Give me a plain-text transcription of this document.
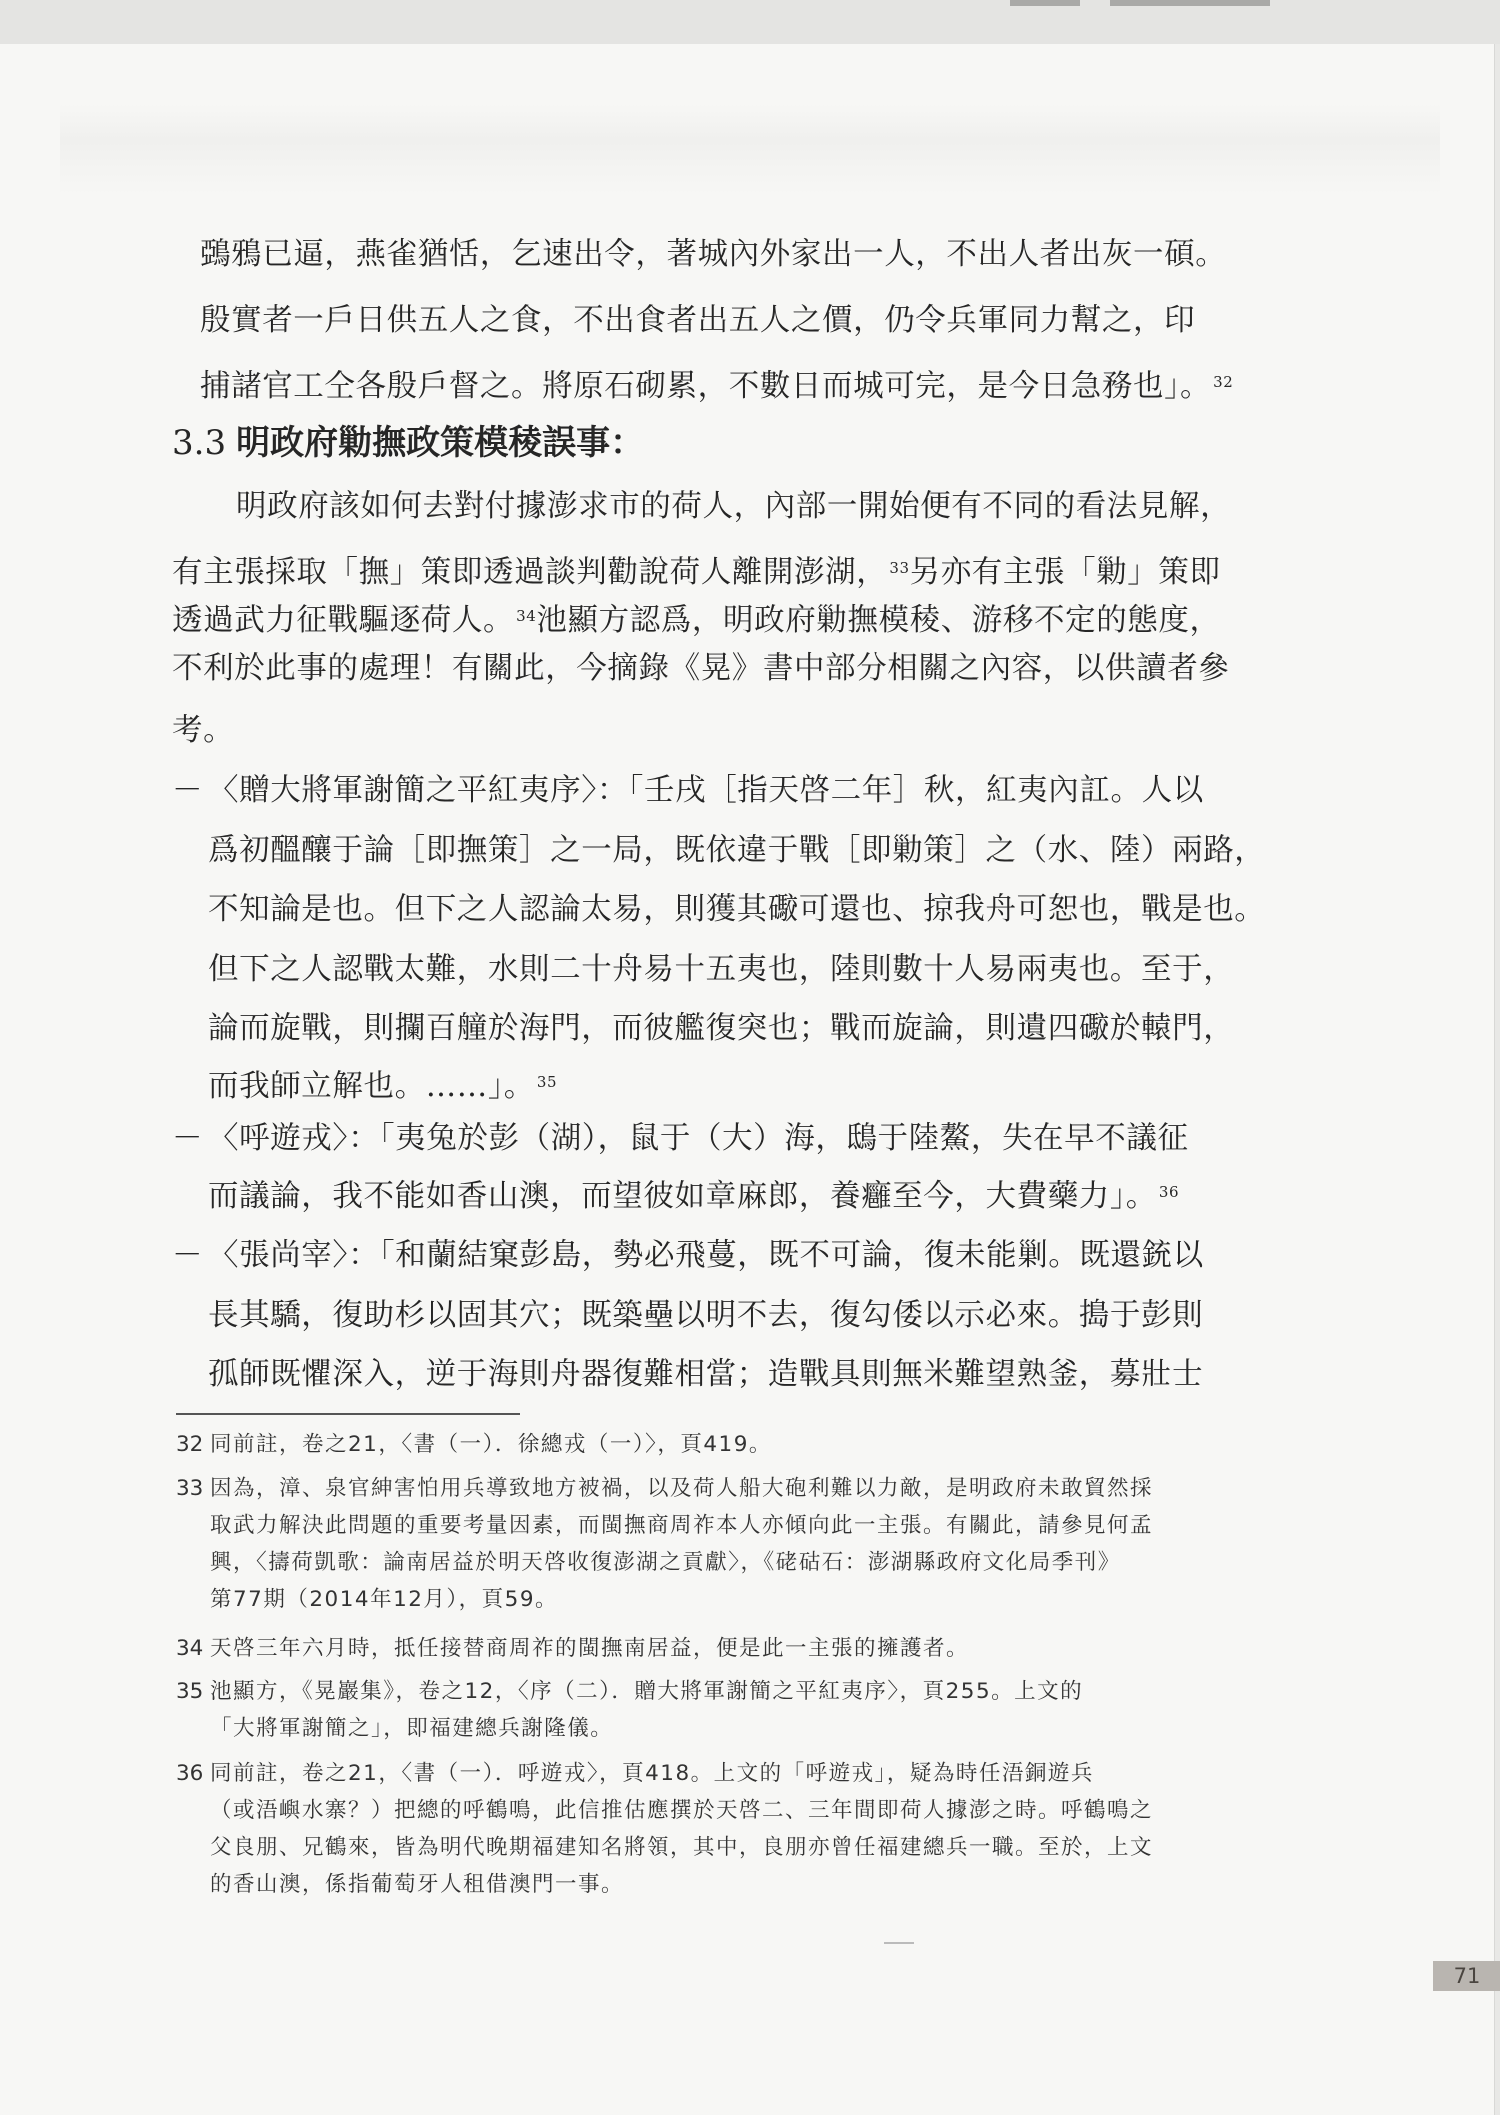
鵶鴉已逼，燕雀猶恬，乞速出令，著城內外家出一人，不出人者出灰一碩。

殷實者一戶日供五人之食，不出食者出五人之價，仍令兵軍同力幫之，印

捕諸官工仝各殷戶督之。將原石砌累，不數日而城可完，是今日急務也」。 $^{32}$

3.3 明政府勦撫政策模稜誤事：

明政府該如何去對付據澎求市的荷人，內部一開始便有不同的看法見解，

有主張採取「撫」策即透過談判勸說荷人離開澎湖， $^{33}$另亦有主張「勦」策即

透過武力征戰驅逐荷人。 $^{34}$池顯方認爲，明政府勦撫模稜、游移不定的態度，

不利於此事的處理！有關此，今摘錄《晃》書中部分相關之內容，以供讀者參

考。

－ 〈贈大將軍謝簡之平紅夷序〉：「壬戌［指天啓二年］秋，紅夷內訌。人以
爲初醞釀于論［即撫策］之一局，既依違于戰［即勦策］之（水、陸）兩路，
不知論是也。但下之人認論太易，則獲其礮可還也、掠我舟可恕也，戰是也。
但下之人認戰太難，水則二十舟易十五夷也，陸則數十人易兩夷也。至于，
論而旋戰，則攔百艟於海門，而彼艦復突也；戰而旋論，則遺四礮於轅門，
而我師立解也。……」。 $^{35}$
－ 〈呼遊戎〉：「夷兔於彭（湖），鼠于（大）海，鴟于陸鰲，失在早不議征
而議論，我不能如香山澳，而望彼如章麻郎，養癰至今，大費藥力」。 $^{36}$
－ 〈張尚宰〉：「和蘭結窠彭島，勢必飛蔓，既不可論，復未能剿。既還銃以
長其驕，復助杉以固其穴；既築壘以明不去，復勾倭以示必來。搗于彭則
孤師既懼深入，逆于海則舟器復難相當；造戰具則無米難望熟釜，募壯士
32 同前註，卷之21，〈書（一）．徐總戎（一）〉，頁419。
33 因為，漳、泉官紳害怕用兵導致地方被禍，以及荷人船大砲利難以力敵，是明政府未敢貿然採
取武力解決此問題的重要考量因素，而閩撫商周祚本人亦傾向此一主張。有關此，請參見何孟
興，〈擣荷凱歌：論南居益於明天啓收復澎湖之貢獻〉，《硓𥑮石：澎湖縣政府文化局季刊》
第77期（2014年12月），頁59。
34 天啓三年六月時，抵任接替商周祚的閩撫南居益，便是此一主張的擁護者。
35 池顯方，《晃巖集》，卷之12，〈序（二）．贈大將軍謝簡之平紅夷序〉，頁255。上文的
「大將軍謝簡之」，即福建總兵謝隆儀。
36 同前註，卷之21，〈書（一）．呼遊戎〉，頁418。上文的「呼遊戎」，疑為時任浯銅遊兵
（或浯嶼水寨？）把總的呼鶴鳴，此信推估應撰於天啓二、三年間即荷人據澎之時。呼鶴鳴之
父良朋、兄鶴來，皆為明代晚期福建知名將領，其中，良朋亦曾任福建總兵一職。至於，上文
的香山澳，係指葡萄牙人租借澳門一事。
71
